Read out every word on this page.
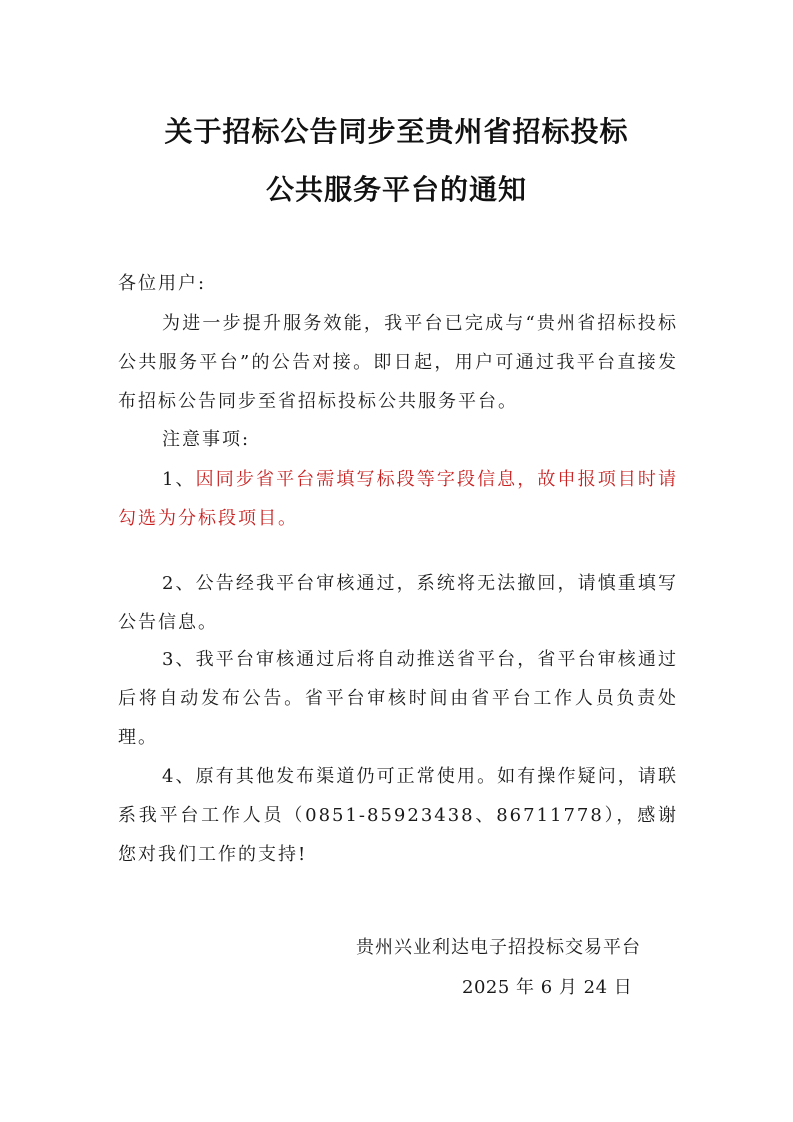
关于招标公告同步至贵州省招标投标
公共服务平台的通知
各位用户:

为进一步提升服务效能，我平台已完成与“贵州省招标投标公共服务平台”的公告对接。即日起，用户可通过我平台直接发布招标公告同步至省招标投标公共服务平台。

注意事项:

1、因同步省平台需填写标段等字段信息，故申报项目时请勾选为分标段项目。

2、公告经我平台审核通过，系统将无法撤回，请慎重填写公告信息。

3、我平台审核通过后将自动推送省平台，省平台审核通过后将自动发布公告。省平台审核时间由省平台工作人员负责处理。

4、原有其他发布渠道仍可正常使用。如有操作疑问，请联系我平台工作人员（0851-85923438、86711778），感谢您对我们工作的支持!

贵州兴业利达电子招投标交易平台
2025 年 6 月 24 日
